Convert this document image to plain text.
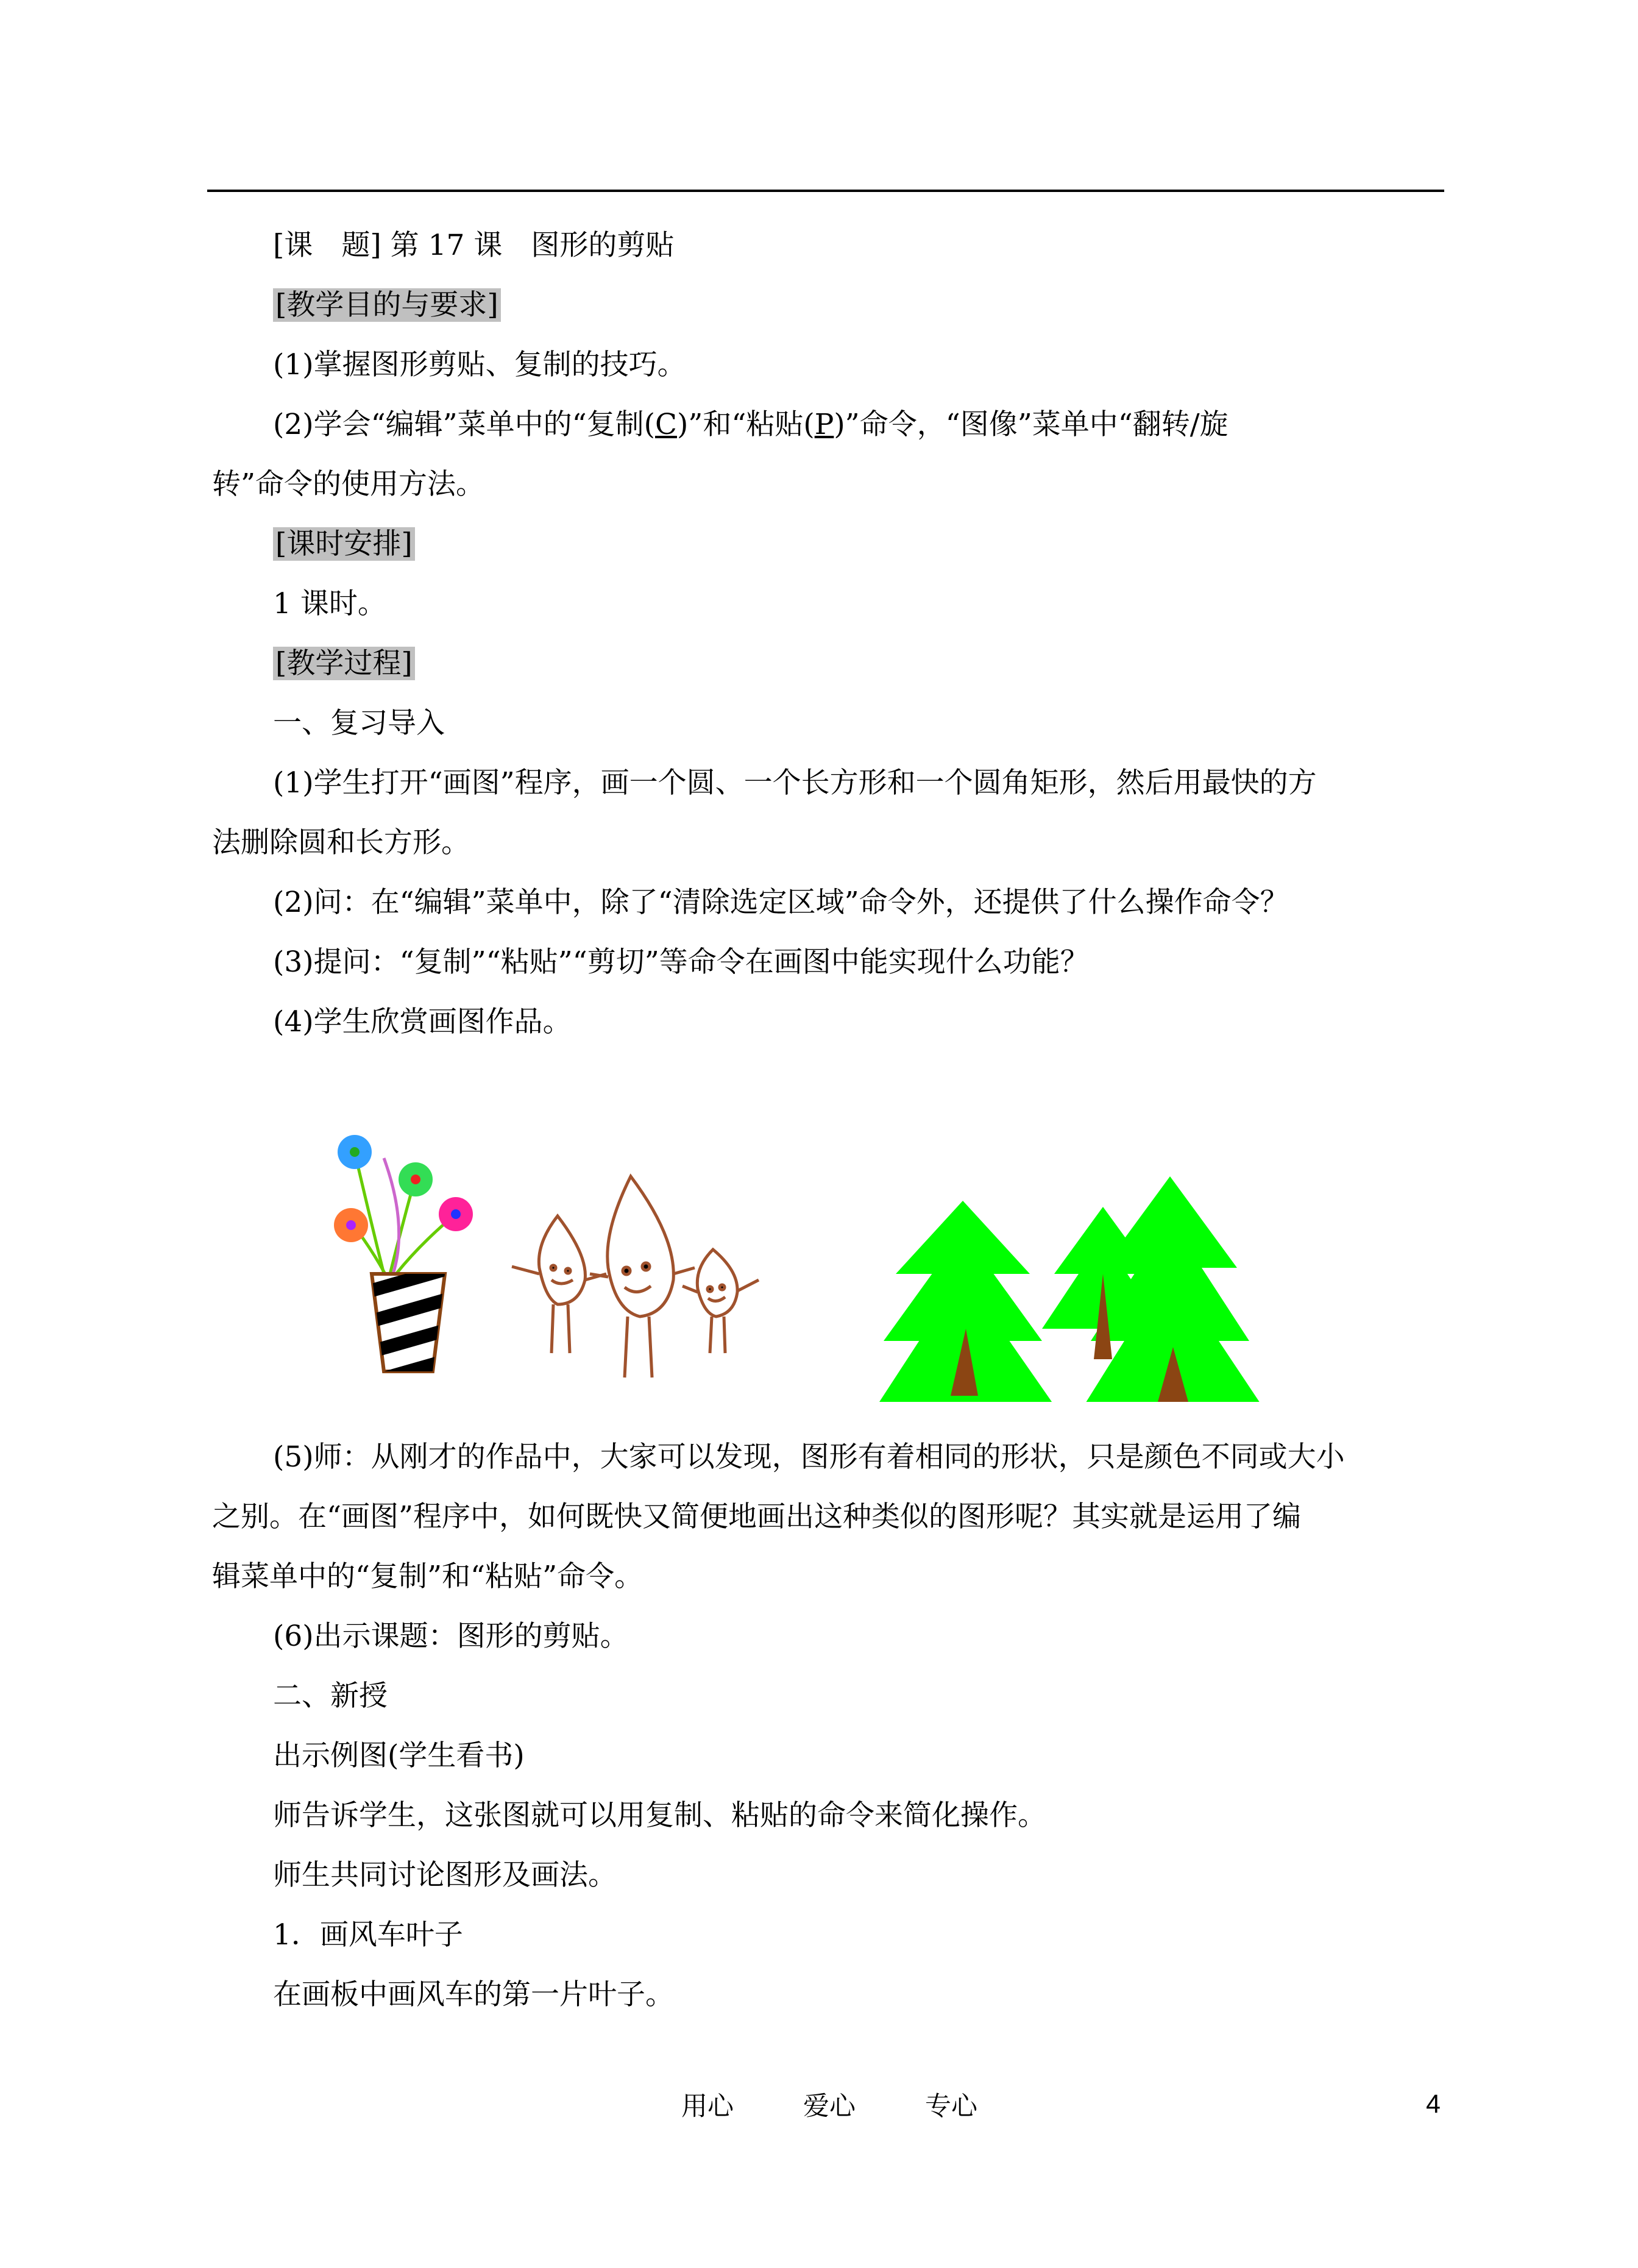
[课　题] 第 17 课　 图形的剪贴
[教学目的与要求]
(1)掌握图形剪贴、复制的技巧。
(2)学会“编辑”菜单中的“复制(C)”和“粘贴(P)”命令，“图像”菜单中“翻转/旋
转”命令的使用方法。
[课时安排]
1 课时。
[教学过程]
一、复习导入
(1)学生打开“画图”程序，画一个圆、一个长方形和一个圆角矩形，然后用最快的方
法删除圆和长方形。
(2)问：在“编辑”菜单中，除了“清除选定区域”命令外，还提供了什么操作命令？
(3)提问：“复制”“粘贴”“剪切”等命令在画图中能实现什么功能？
(4)学生欣赏画图作品。
(5)师：从刚才的作品中，大家可以发现，图形有着相同的形状，只是颜色不同或大小
之别。在“画图”程序中，如何既快又简便地画出这种类似的图形呢？其实就是运用了编
辑菜单中的“复制”和“粘贴”命令。
(6)出示课题：图形的剪贴。
二、新授
出示例图(学生看书)
师告诉学生，这张图就可以用复制、粘贴的命令来简化操作。
师生共同讨论图形及画法。
1．画风车叶子
在画板中画风车的第一片叶子。
用心	爱心	专心	4
